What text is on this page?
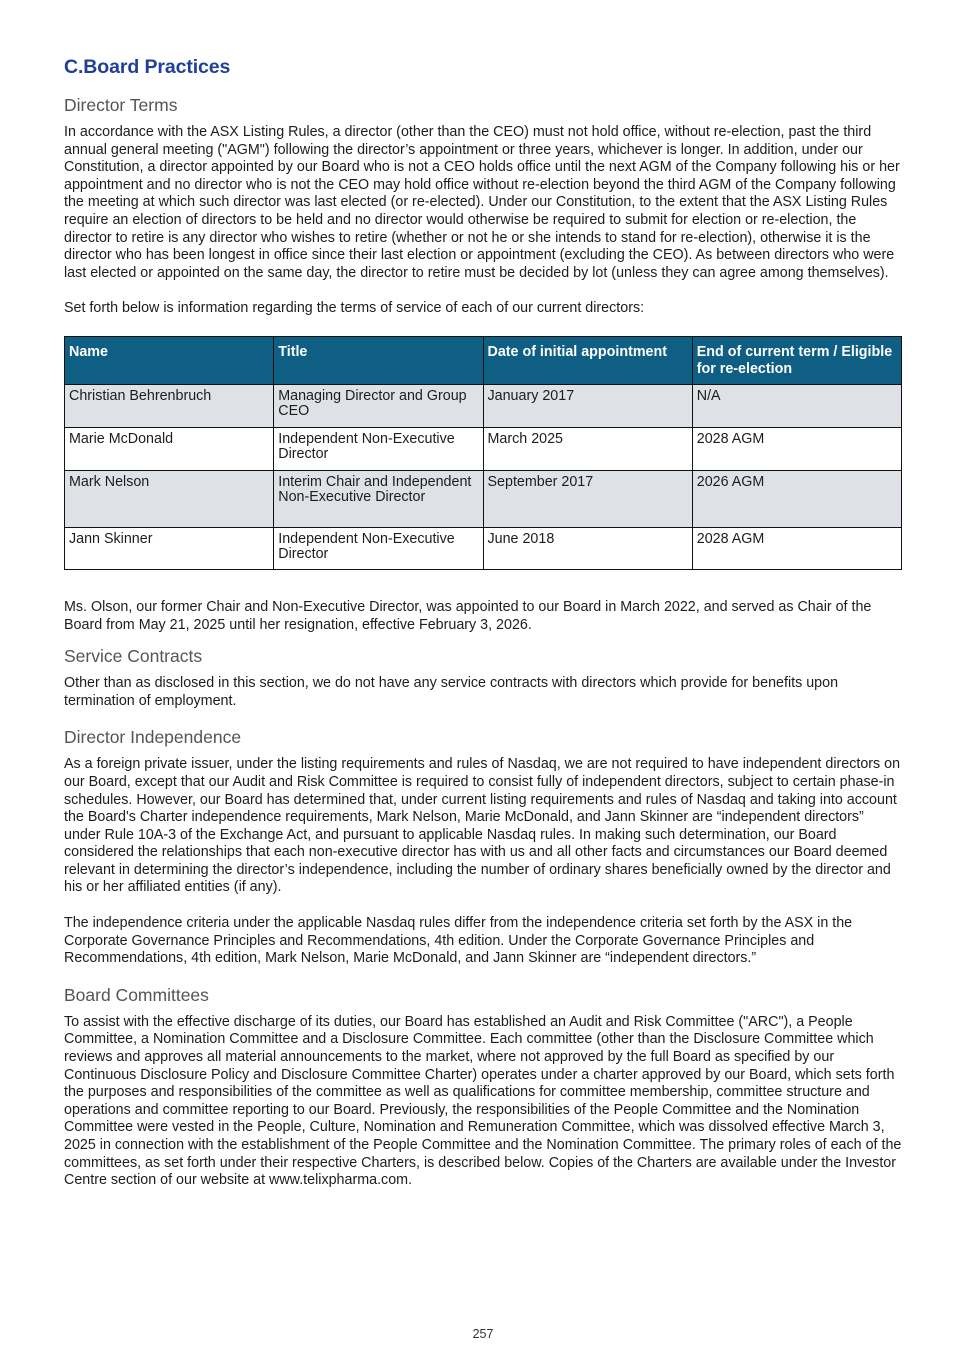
C.Board Practices
Director Terms

In accordance with the ASX Listing Rules, a director (other than the CEO) must not hold office, without re-election, past the third annual general meeting ("AGM") following the director’s appointment or three years, whichever is longer. In addition, under our Constitution, a director appointed by our Board who is not a CEO holds office until the next AGM of the Company following his or her appointment and no director who is not the CEO may hold office without re-election beyond the third AGM of the Company following the meeting at which such director was last elected (or re-elected). Under our Constitution, to the extent that the ASX Listing Rules require an election of directors to be held and no director would otherwise be required to submit for election or re-election, the director to retire is any director who wishes to retire (whether or not he or she intends to stand for re-election), otherwise it is the director who has been longest in office since their last election or appointment (excluding the CEO). As between directors who were last elected or appointed on the same day, the director to retire must be decided by lot (unless they can agree among themselves).

Set forth below is information regarding the terms of service of each of our current directors:

Name	Title	Date of initial appointment	End of current term / Eligible for re-election
Christian Behrenbruch	Managing Director and Group CEO	January 2017	N/A
Marie McDonald	Independent Non-Executive Director	March 2025	2028 AGM
Mark Nelson	Interim Chair and Independent Non-Executive Director	September 2017	2026 AGM
Jann Skinner	Independent Non-Executive Director	June 2018	2028 AGM

Ms. Olson, our former Chair and Non-Executive Director, was appointed to our Board in March 2022, and served as Chair of the Board from May 21, 2025 until her resignation, effective February 3, 2026.

Service Contracts

Other than as disclosed in this section, we do not have any service contracts with directors which provide for benefits upon termination of employment.

Director Independence

As a foreign private issuer, under the listing requirements and rules of Nasdaq, we are not required to have independent directors on our Board, except that our Audit and Risk Committee is required to consist fully of independent directors, subject to certain phase-in schedules. However, our Board has determined that, under current listing requirements and rules of Nasdaq and taking into account the Board's Charter independence requirements, Mark Nelson, Marie McDonald, and Jann Skinner are “independent directors” under Rule 10A-3 of the Exchange Act, and pursuant to applicable Nasdaq rules. In making such determination, our Board considered the relationships that each non-executive director has with us and all other facts and circumstances our Board deemed relevant in determining the director’s independence, including the number of ordinary shares beneficially owned by the director and his or her affiliated entities (if any).

The independence criteria under the applicable Nasdaq rules differ from the independence criteria set forth by the ASX in the Corporate Governance Principles and Recommendations, 4th edition. Under the Corporate Governance Principles and Recommendations, 4th edition, Mark Nelson, Marie McDonald, and Jann Skinner are “independent directors.”

Board Committees

To assist with the effective discharge of its duties, our Board has established an Audit and Risk Committee ("ARC"), a People Committee, a Nomination Committee and a Disclosure Committee. Each committee (other than the Disclosure Committee which reviews and approves all material announcements to the market, where not approved by the full Board as specified by our Continuous Disclosure Policy and Disclosure Committee Charter) operates under a charter approved by our Board, which sets forth the purposes and responsibilities of the committee as well as qualifications for committee membership, committee structure and operations and committee reporting to our Board. Previously, the responsibilities of the People Committee and the Nomination Committee were vested in the People, Culture, Nomination and Remuneration Committee, which was dissolved effective March 3, 2025 in connection with the establishment of the People Committee and the Nomination Committee. The primary roles of each of the committees, as set forth under their respective Charters, is described below. Copies of the Charters are available under the Investor Centre section of our website at www.telixpharma.com.

257
